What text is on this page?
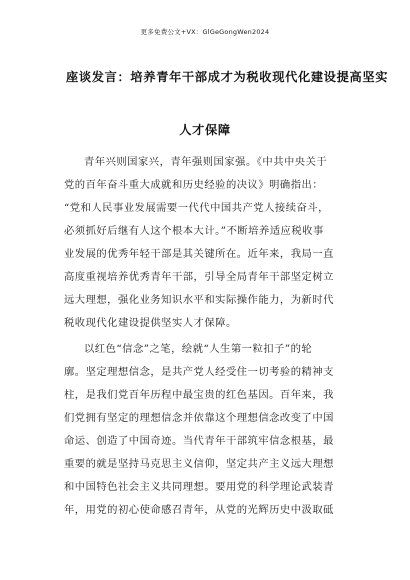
更多免费公文+VX：GlGeGongWen2024
座谈发言：培养青年干部成才为税收现代化建设提高坚实
人才保障
青年兴则国家兴，青年强则国家强。《中共中央关于
党的百年奋斗重大成就和历史经验的决议》明确指出：
“党和人民事业发展需要一代代中国共产党人接续奋斗，
必须抓好后继有人这个根本大计。”不断培养适应税收事
业发展的优秀年轻干部是其关键所在。近年来，我局一直
高度重视培养优秀青年干部，引导全局青年干部坚定树立
远大理想，强化业务知识水平和实际操作能力，为新时代
税收现代化建设提供坚实人才保障。
以红色“信念”之笔，绘就“人生第一粒扣子”的轮
廓。坚定理想信念，是共产党人经受住一切考验的精神支
柱，是我们党百年历程中最宝贵的红色基因。百年来，我
们党拥有坚定的理想信念并依靠这个理想信念改变了中国
命运、创造了中国奇迹。当代青年干部筑牢信念根基，最
重要的就是坚持马克思主义信仰，坚定共产主义远大理想
和中国特色社会主义共同理想。要用党的科学理论武装青
年，用党的初心使命感召青年，从党的光辉历史中汲取砥
